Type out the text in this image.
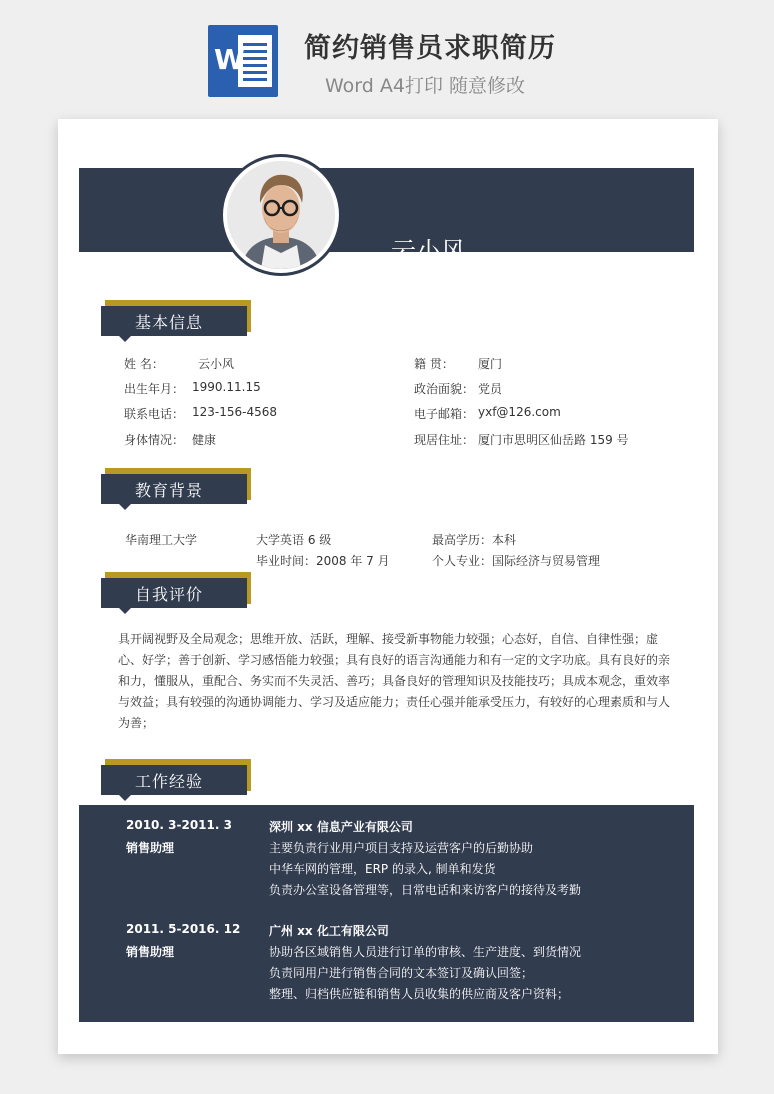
W 简约销售员求职简历
Word A4打印 随意修改
云小风
求职意向：销售助理
基本信息
姓 名：	云小风
出生年月： 1990.11.15
联系电话： 123-156-4568
身体情况： 健康
籍 贯： 厦门
政治面貌： 党员
电子邮箱： yxf@126.com
现居住址： 厦门市思明区仙岳路 159 号
教育背景
华南理工大学	大学英语 6 级
毕业时间：2008 年 7 月
最高学历：本科
个人专业：国际经济与贸易管理
自我评价
具开阔视野及全局观念；思维开放、活跃，理解、接受新事物能力较强；心态好，自信、自律性强；虚心、好学；善于创新、学习感悟能力较强；具有良好的语言沟通能力和有一定的文字功底。具有良好的亲和力，懂服从，重配合、务实而不失灵活、善巧；具备良好的管理知识及技能技巧；具成本观念，重效率与效益；具有较强的沟通协调能力、学习及适应能力；责任心强并能承受压力，有较好的心理素质和与人为善；
工作经验
2010. 3-2011. 3
销售助理
深圳 xx 信息产业有限公司
主要负责行业用户项目支持及运营客户的后勤协助
中华车网的管理，ERP 的录入, 制单和发货
负责办公室设备管理等，日常电话和来访客户的接待及考勤
2011. 5-2016. 12
销售助理
广州 xx 化工有限公司
协助各区域销售人员进行订单的审核、生产进度、到货情况
负责同用户进行销售合同的文本签订及确认回签；
整理、归档供应链和销售人员收集的供应商及客户资料；
